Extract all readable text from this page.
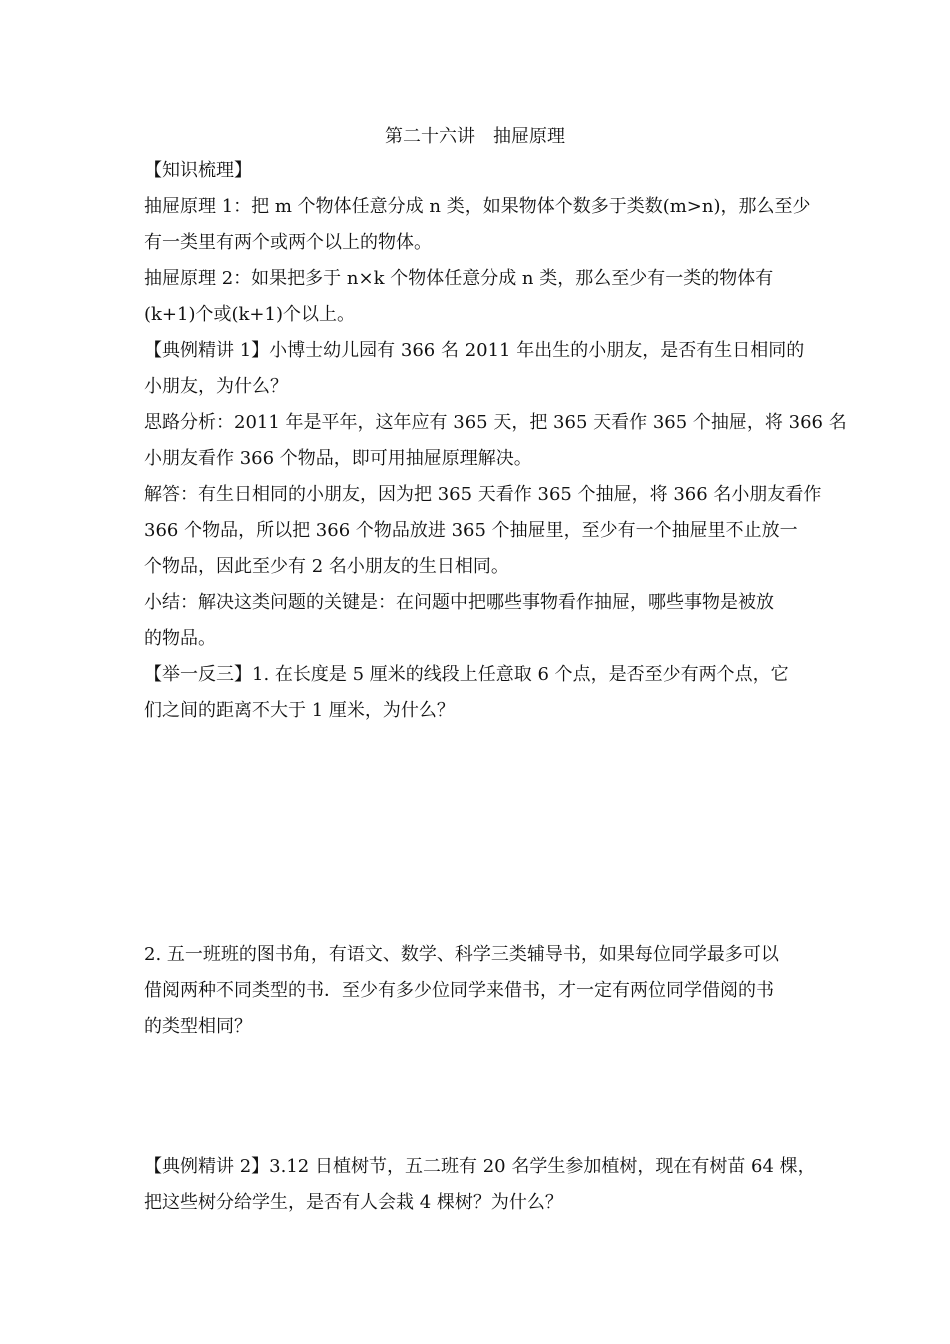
第二十六讲　抽屉原理
【知识梳理】
抽屉原理 1：把 m 个物体任意分成 n 类，如果物体个数多于类数(m>n)，那么至少
有一类里有两个或两个以上的物体。
抽屉原理 2：如果把多于 n×k 个物体任意分成 n 类，那么至少有一类的物体有
(k+1)个或(k+1)个以上。
【典例精讲 1】小博士幼儿园有 366 名 2011 年出生的小朋友，是否有生日相同的
小朋友，为什么？
思路分析：2011 年是平年，这年应有 365 天，把 365 天看作 365 个抽屉，将 366 名
小朋友看作 366 个物品，即可用抽屉原理解决。
解答：有生日相同的小朋友，因为把 365 天看作 365 个抽屉，将 366 名小朋友看作
366 个物品，所以把 366 个物品放进 365 个抽屉里，至少有一个抽屉里不止放一
个物品，因此至少有 2 名小朋友的生日相同。
小结：解决这类问题的关键是：在问题中把哪些事物看作抽屉，哪些事物是被放
的物品。
【举一反三】1. 在长度是 5 厘米的线段上任意取 6 个点，是否至少有两个点，它
们之间的距离不大于 1 厘米，为什么？
2. 五一班班的图书角，有语文、数学、科学三类辅导书，如果每位同学最多可以
借阅两种不同类型的书．至少有多少位同学来借书，才一定有两位同学借阅的书
的类型相同？
【典例精讲 2】3.12 日植树节，五二班有 20 名学生参加植树，现在有树苗 64 棵，
把这些树分给学生，是否有人会栽 4 棵树？为什么？
